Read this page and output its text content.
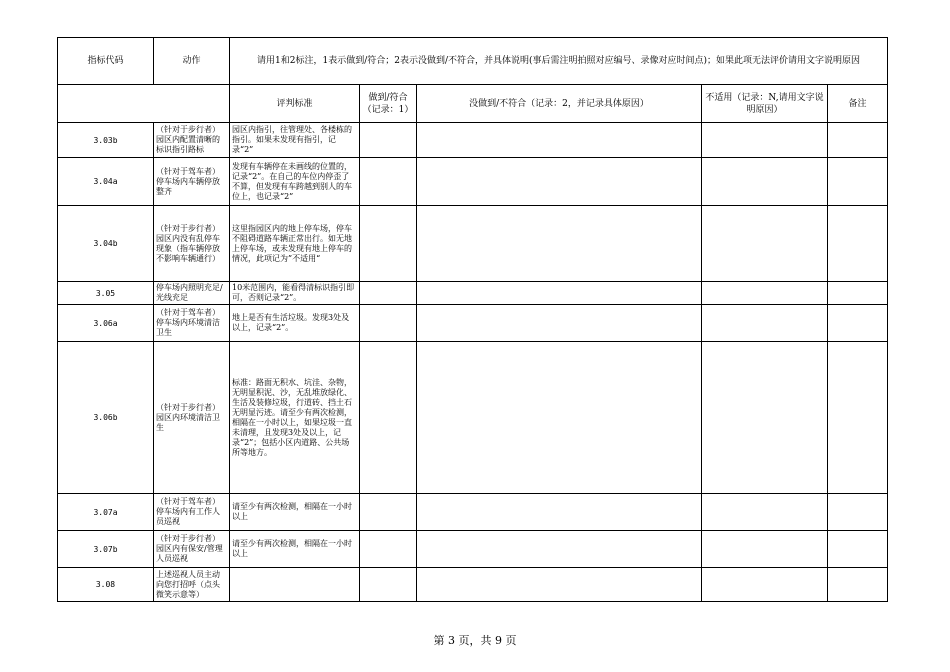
指标代码	动作	请用1和2标注，1表示做到/符合；2表示没做到/不符合，并具体说明(事后需注明拍照对应编号、录像对应时间点)；如果此项无法评价请用文字说明原因				
		评判标准	做到/符合（记录：1）	没做到/不符合（记录：2，并记录具体原因）	不适用（记录：N,请用文字说明原因）	备注
3.03b	（针对于步行者）园区内配置清晰的标识指引路标	园区内指引，往管理处、各楼栋的指引。如果未发现有指引，记录“2”				
3.04a	（针对于驾车者）停车场内车辆停放整齐	发现有车辆停在未画线的位置的，记录“2”。在自己的车位内停歪了不算，但发现有车跨越到别人的车位上，也记录“2”				
3.04b	（针对于步行者）园区内没有乱停车现象（指车辆停放不影响车辆通行）	这里指园区内的地上停车场，停车不阻碍道路车辆正常出行。如无地上停车场，或未发现有地上停车的情况，此项记为”不适用“				
3.05	停车场内照明充足/光线充足	10米范围内，能看得清标识指引即可，否则记录“2”。				
3.06a	（针对于驾车者）停车场内环境清洁卫生	地上是否有生活垃圾。发现3处及以上，记录“2”。				
3.06b	（针对于步行者）园区内环境清洁卫生	标准：路面无积水、坑洼、杂物，无明显积泥、沙，无乱堆放绿化、生活及装修垃圾，行道砖、挡土石无明显污迹。请至少有两次检测，相隔在一小时以上，如果垃圾一直未清理，且发现3处及以上，记录“2”；包括小区内道路、公共场所等地方。				
3.07a	（针对于驾车者）停车场内有工作人员巡视	请至少有两次检测，相隔在一小时以上				
3.07b	（针对于步行者）园区内有保安/管理人员巡视	请至少有两次检测，相隔在一小时以上				
3.08	上述巡视人员主动向您打招呼（点头微笑示意等）					
第 3 页，共 9 页
